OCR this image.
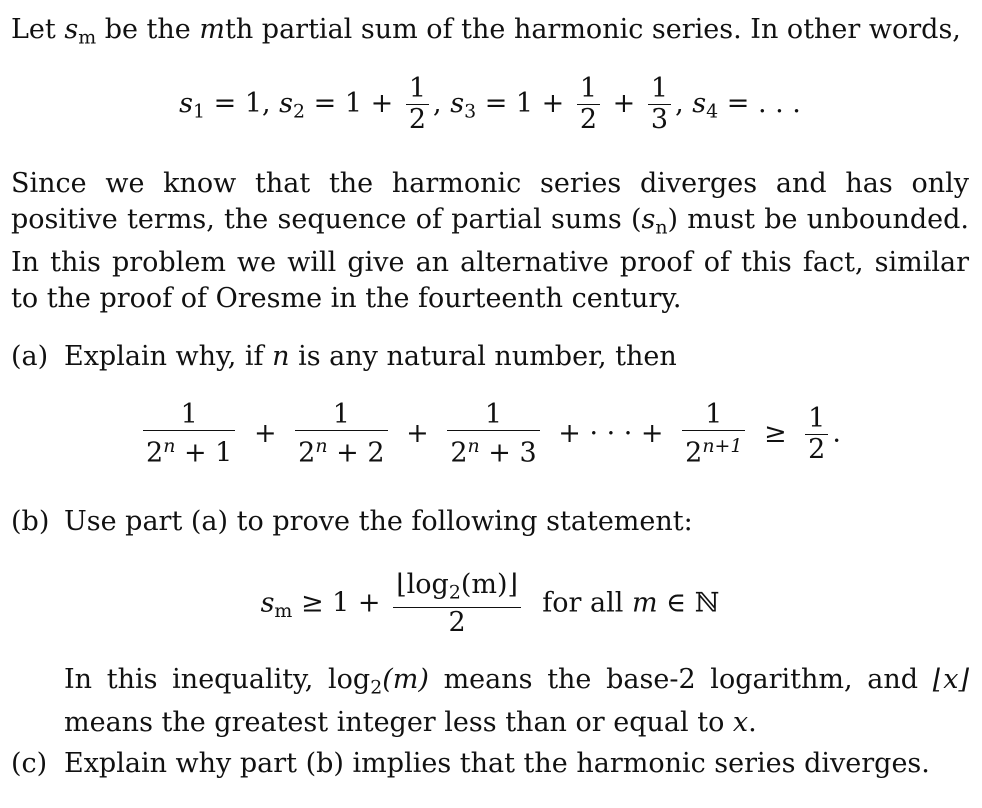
Let $s_m$ be the mth partial sum of the harmonic series. In other words,
$s_1 = 1$, $s_2 = 1 + \frac{1}{2}$ , $s_3 = 1 + \frac{1}{2} + \frac{1}{3}$ , $s_4$ = . . .
Since we know that the harmonic series diverges and has only positive terms, the sequence of partial sums $(s_n)$ must be unbounded. In this problem we will give an alternative proof of this fact, similar to the proof of Oresme in the fourteenth century.
(a) Explain why, if n is any natural number, then
$\frac{1}{2^n + 1} + \frac{1}{2^n + 2} + \frac{1}{2^n + 3}$ + · · · + $\frac{1}{2^{n+1}} \ge \frac{1}{2}$ .
(b) Use part (a) to prove the following statement:
$s_m \ge 1 + \frac{⌊\log_2(m)⌋}{2}$ for all m ∈ ℕ
In this inequality, $\log_2(m)$ means the base-2 logarithm, and ⌊x⌋ means the greatest integer less than or equal to x.
(c) Explain why part (b) implies that the harmonic series diverges.
